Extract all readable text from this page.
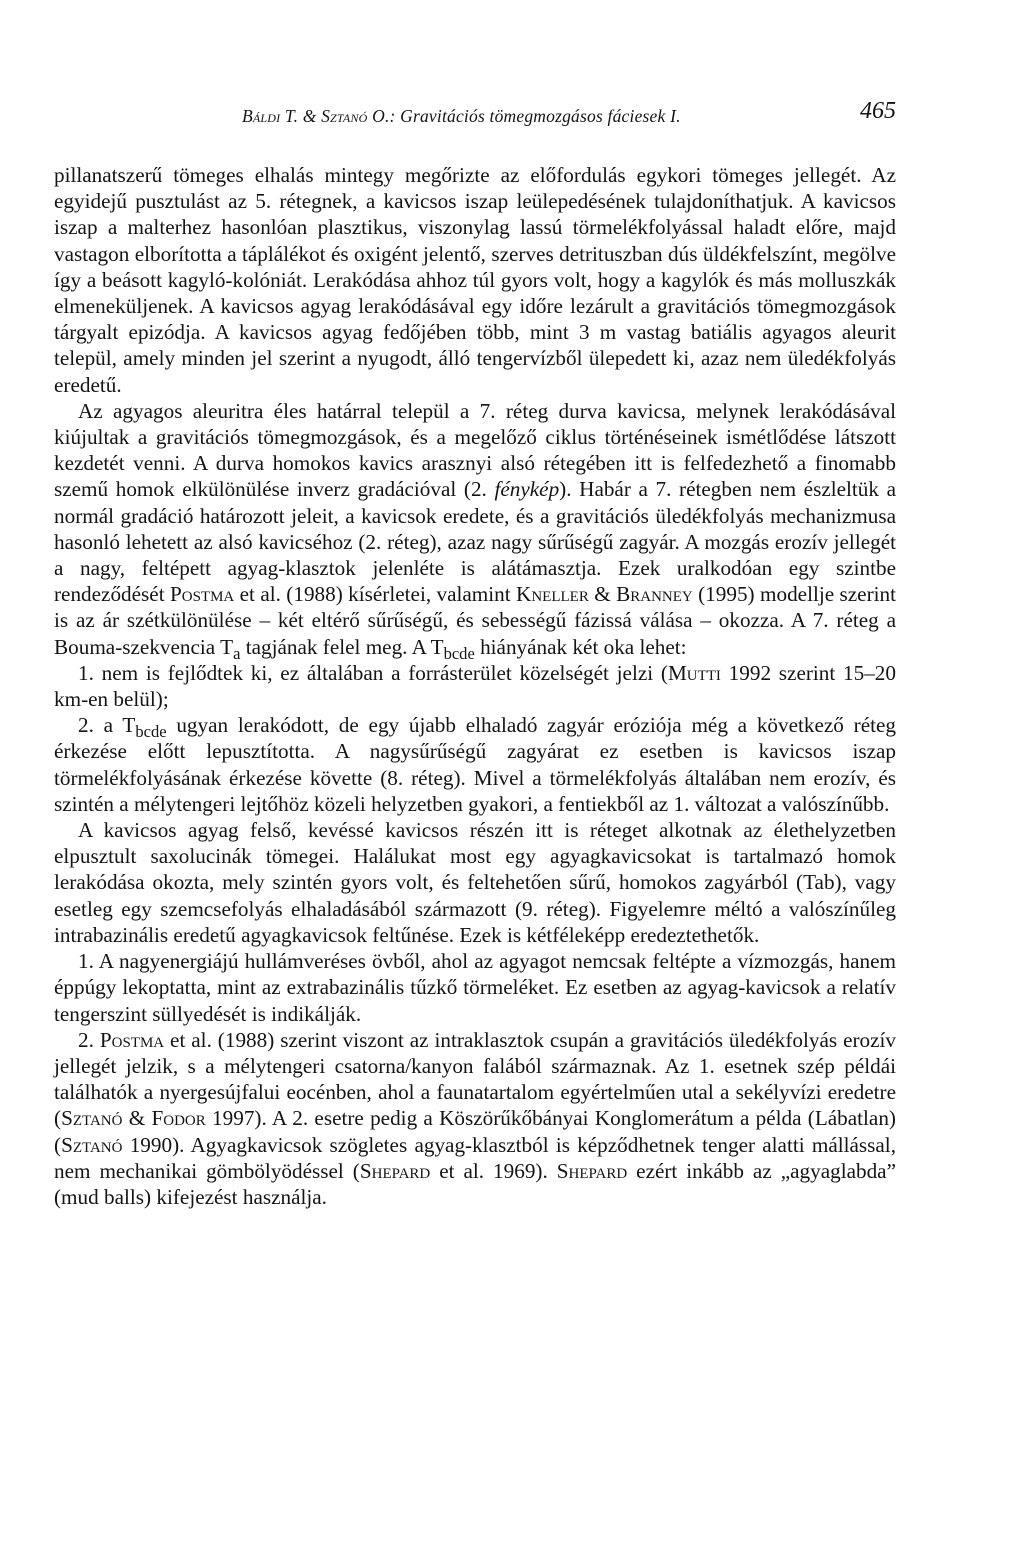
Báldi T. & Sztanó O.: Gravitációs tömegmozgásos fáciesek I.	465

pillanatszerű tömeges elhalás mintegy megőrizte az előfordulás egykori tömeges jellegét. Az egyidejű pusztulást az 5. rétegnek, a kavicsos iszap leülepedésének tulajdoníthatjuk. A kavicsos iszap a malterhez hasonlóan plasztikus, viszonylag lassú törmelékfolyással haladt előre, majd vastagon elborította a táplálékot és oxigént jelentő, szerves detrituszban dús üldékfelszínt, megölve így a beásott kagyló-kolóniát. Lerakódása ahhoz túl gyors volt, hogy a kagylók és más molluszkák elmeneküljenek. A kavicsos agyag lerakódásával egy időre lezárult a gravitációs tömegmozgások tárgyalt epizódja. A kavicsos agyag fedőjében több, mint 3 m vastag batiális agyagos aleurit települ, amely minden jel szerint a nyugodt, álló tengervízből ülepedett ki, azaz nem üledékfolyás eredetű.

Az agyagos aleuritra éles határral települ a 7. réteg durva kavicsa, melynek lerakódásával kiújultak a gravitációs tömegmozgások, és a megelőző ciklus történéseinek ismétlődése látszott kezdetét venni. A durva homokos kavics arasznyi alsó rétegében itt is felfedezhető a finomabb szemű homok elkülönülése inverz gradációval (2. fénykép). Habár a 7. rétegben nem észleltük a normál gradáció határozott jeleit, a kavicsok eredete, és a gravitációs üledékfolyás mechanizmusa hasonló lehetett az alsó kavicséhoz (2. réteg), azaz nagy sűrűségű zagyár. A mozgás erozív jellegét a nagy, feltépett agyag-klasztok jelenléte is alátámasztja. Ezek uralkodóan egy szintbe rendeződését Postma et al. (1988) kísérletei, valamint Kneller & Branney (1995) modellje szerint is az ár szétkülönülése – két eltérő sűrűségű, és sebességű fázissá válása – okozza. A 7. réteg a Bouma-szekvencia $T_a$ tagjának felel meg. A $T_{bcde}$ hiányának két oka lehet:

1. nem is fejlődtek ki, ez általában a forrásterület közelségét jelzi (Mutti 1992 szerint 15–20 km-en belül);

2. a $T_{bcde}$ ugyan lerakódott, de egy újabb elhaladó zagyár eróziója még a következő réteg érkezése előtt lepusztította. A nagysűrűségű zagyárat ez esetben is kavicsos iszap törmelékfolyásának érkezése követte (8. réteg). Mivel a törmelékfolyás általában nem erozív, és szintén a mélytengeri lejtőhöz közeli helyzetben gyakori, a fentiekből az 1. változat a valószínűbb.

A kavicsos agyag felső, kevéssé kavicsos részén itt is réteget alkotnak az élethelyzetben elpusztult saxolucinák tömegei. Halálukat most egy agyagkavicsokat is tartalmazó homok lerakódása okozta, mely szintén gyors volt, és feltehetően sűrű, homokos zagyárból (Tab), vagy esetleg egy szemcsefolyás elhaladásából származott (9. réteg). Figyelemre méltó a valószínűleg intrabazinális eredetű agyagkavicsok feltűnése. Ezek is kétféleképp eredeztethetők.

1. A nagyenergiájú hullámveréses övből, ahol az agyagot nemcsak feltépte a vízmozgás, hanem éppúgy lekoptatta, mint az extrabazinális tűzkő törmeléket. Ez esetben az agyag-kavicsok a relatív tengerszint süllyedését is indikálják.

2. Postma et al. (1988) szerint viszont az intraklasztok csupán a gravitációs üledékfolyás erozív jellegét jelzik, s a mélytengeri csatorna/kanyon falából származnak. Az 1. esetnek szép példái találhatók a nyergesújfalui eocénben, ahol a faunatartalom egyértelműen utal a sekélyvízi eredetre (Sztanó & Fodor 1997). A 2. esetre pedig a Köszörűkőbányai Konglomerátum a példa (Lábatlan) (Sztanó 1990). Agyagkavicsok szögletes agyag-klasztból is képződhetnek tenger alatti mállással, nem mechanikai gömbölyödéssel (Shepard et al. 1969). Shepard ezért inkább az „agyaglabda” (mud balls) kifejezést használja.
